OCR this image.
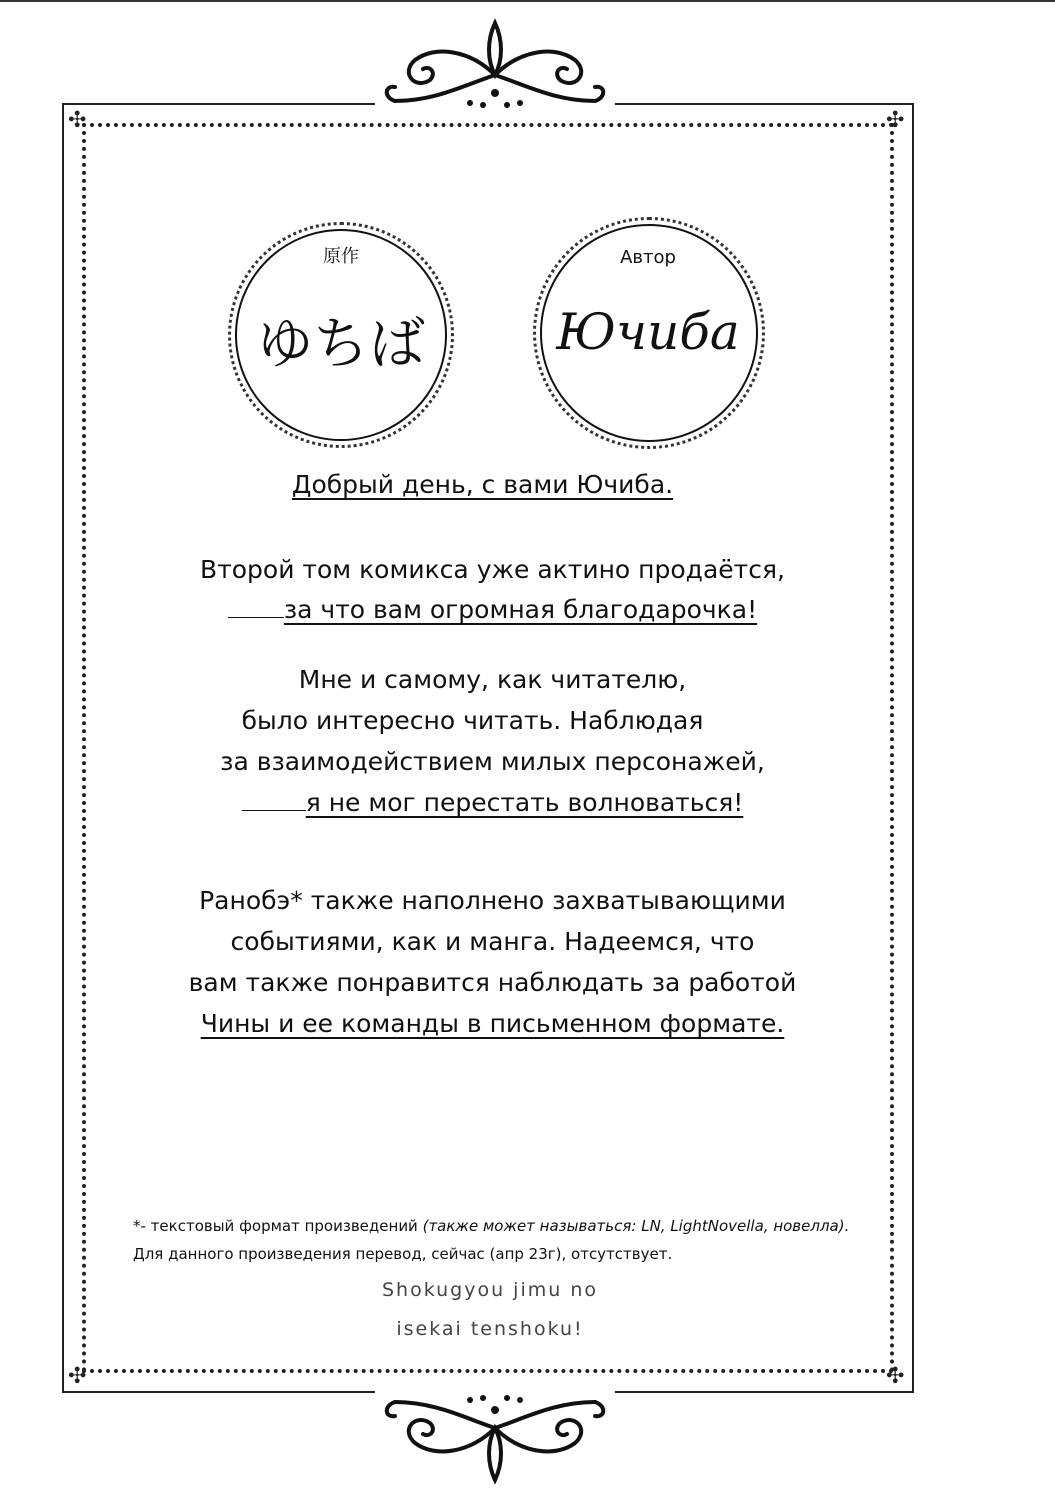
✣	✣
✣	✣
原作
ゆちば
Автор
Ючиба
Добрый день, с вами Ючиба.
Второй том комикса уже актино продаётся,
за что вам огромная благодарочка!
Мне и самому, как читателю,
было интересно читать. Наблюдая
за взаимодействием милых персонажей,
я не мог перестать волноваться!
Ранобэ* также наполнено захватывающими
событиями, как и манга. Надеемся, что
вам также понравится наблюдать за работой
Чины и ее команды в письменном формате.
*- текстовый формат произведений (также может называться: LN, LightNovella, новелла).
Для данного произведения перевод, сейчас (апр 23г), отсутствует.
Shokugyou jimu no
isekai tenshoku!
